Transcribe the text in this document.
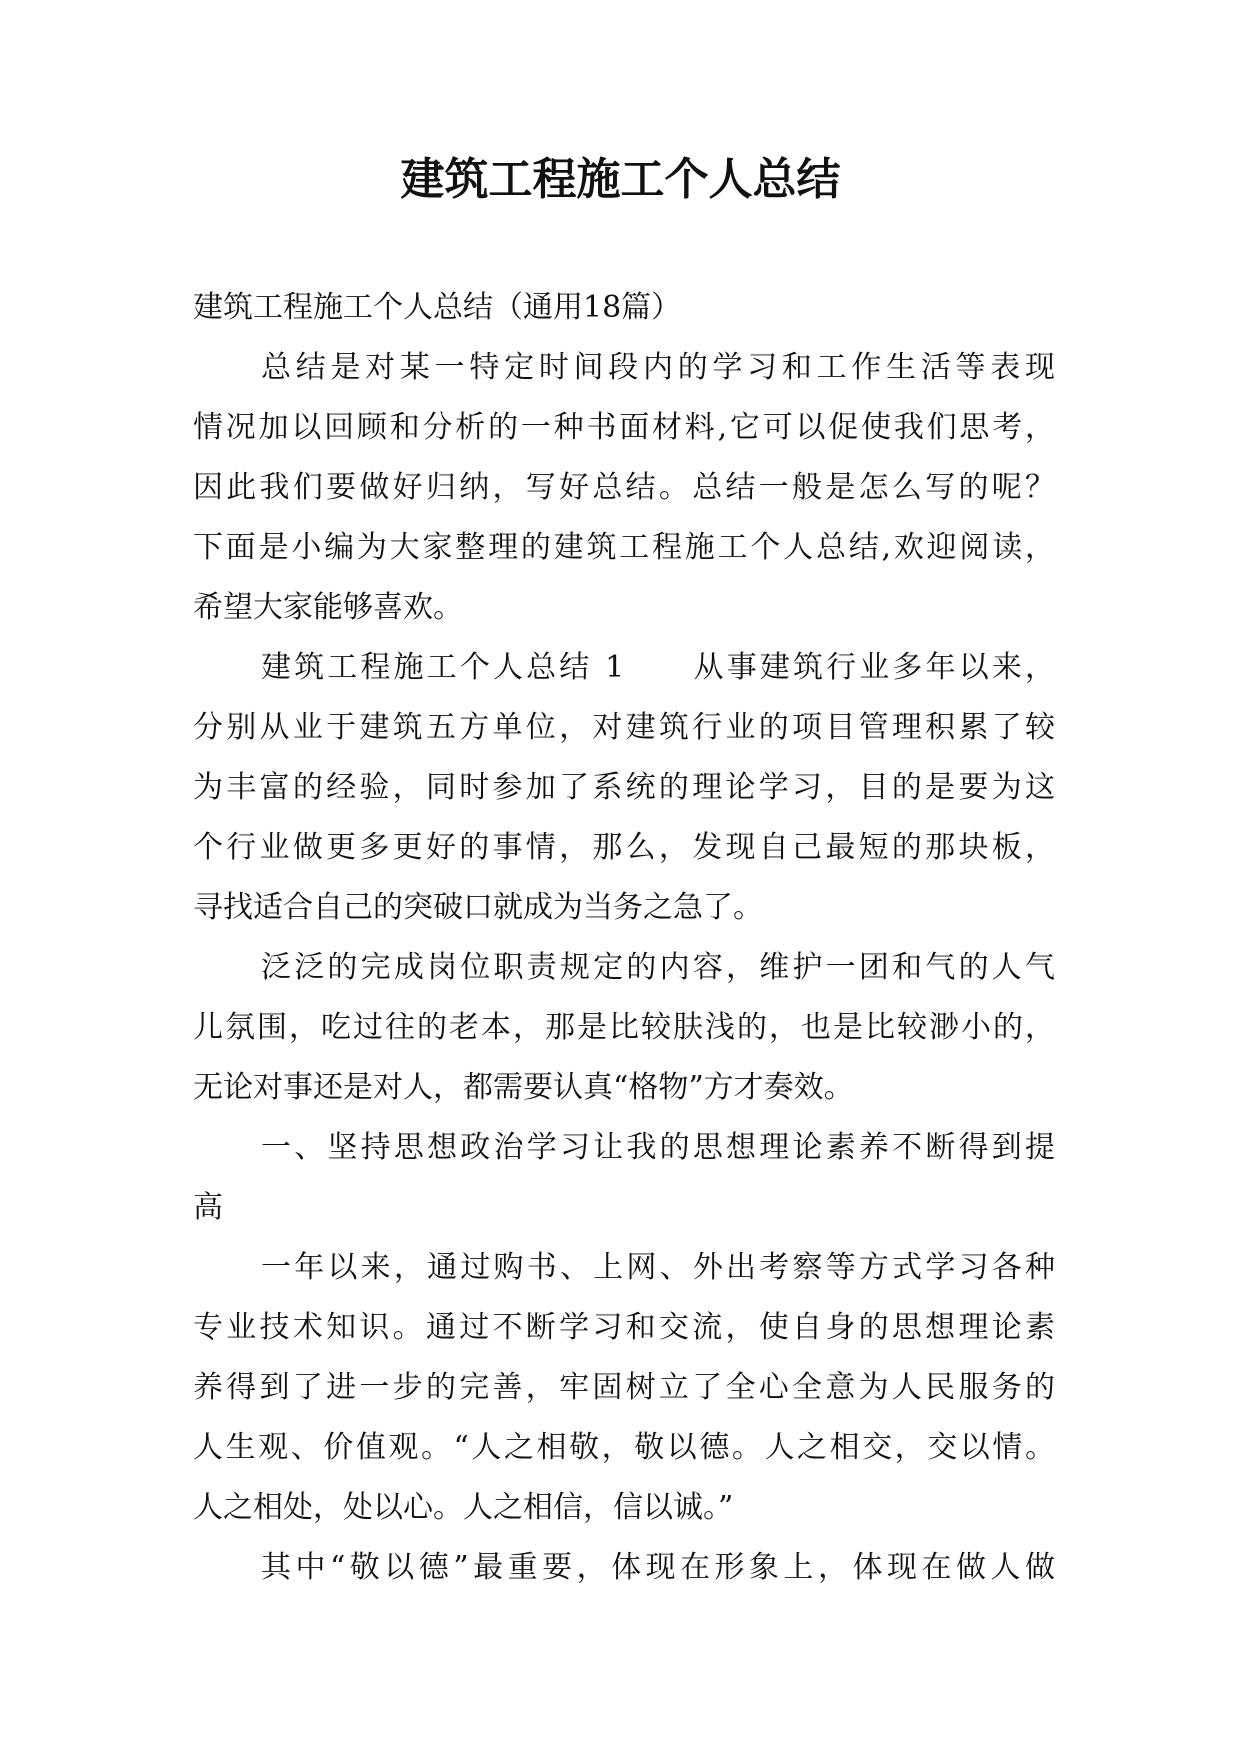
建筑工程施工个人总结
建筑工程施工个人总结（通用18篇）
总结是对某一特定时间段内的学习和工作生活等表现
情况加以回顾和分析的一种书面材料,它可以促使我们思考，
因此我们要做好归纳，写好总结。总结一般是怎么写的呢？
下面是小编为大家整理的建筑工程施工个人总结,欢迎阅读，
希望大家能够喜欢。
建筑工程施工个人总结 1　　从事建筑行业多年以来，
分别从业于建筑五方单位，对建筑行业的项目管理积累了较
为丰富的经验，同时参加了系统的理论学习，目的是要为这
个行业做更多更好的事情，那么，发现自己最短的那块板，
寻找适合自己的突破口就成为当务之急了。
泛泛的完成岗位职责规定的内容，维护一团和气的人气
儿氛围，吃过往的老本，那是比较肤浅的，也是比较渺小的，
无论对事还是对人，都需要认真“格物”方才奏效。
一、坚持思想政治学习让我的思想理论素养不断得到提
高
一年以来，通过购书、上网、外出考察等方式学习各种
专业技术知识。通过不断学习和交流，使自身的思想理论素
养得到了进一步的完善，牢固树立了全心全意为人民服务的
人生观、价值观。“人之相敬，敬以德。人之相交，交以情。
人之相处，处以心。人之相信，信以诚。”
其中“敬以德”最重要，体现在形象上，体现在做人做
